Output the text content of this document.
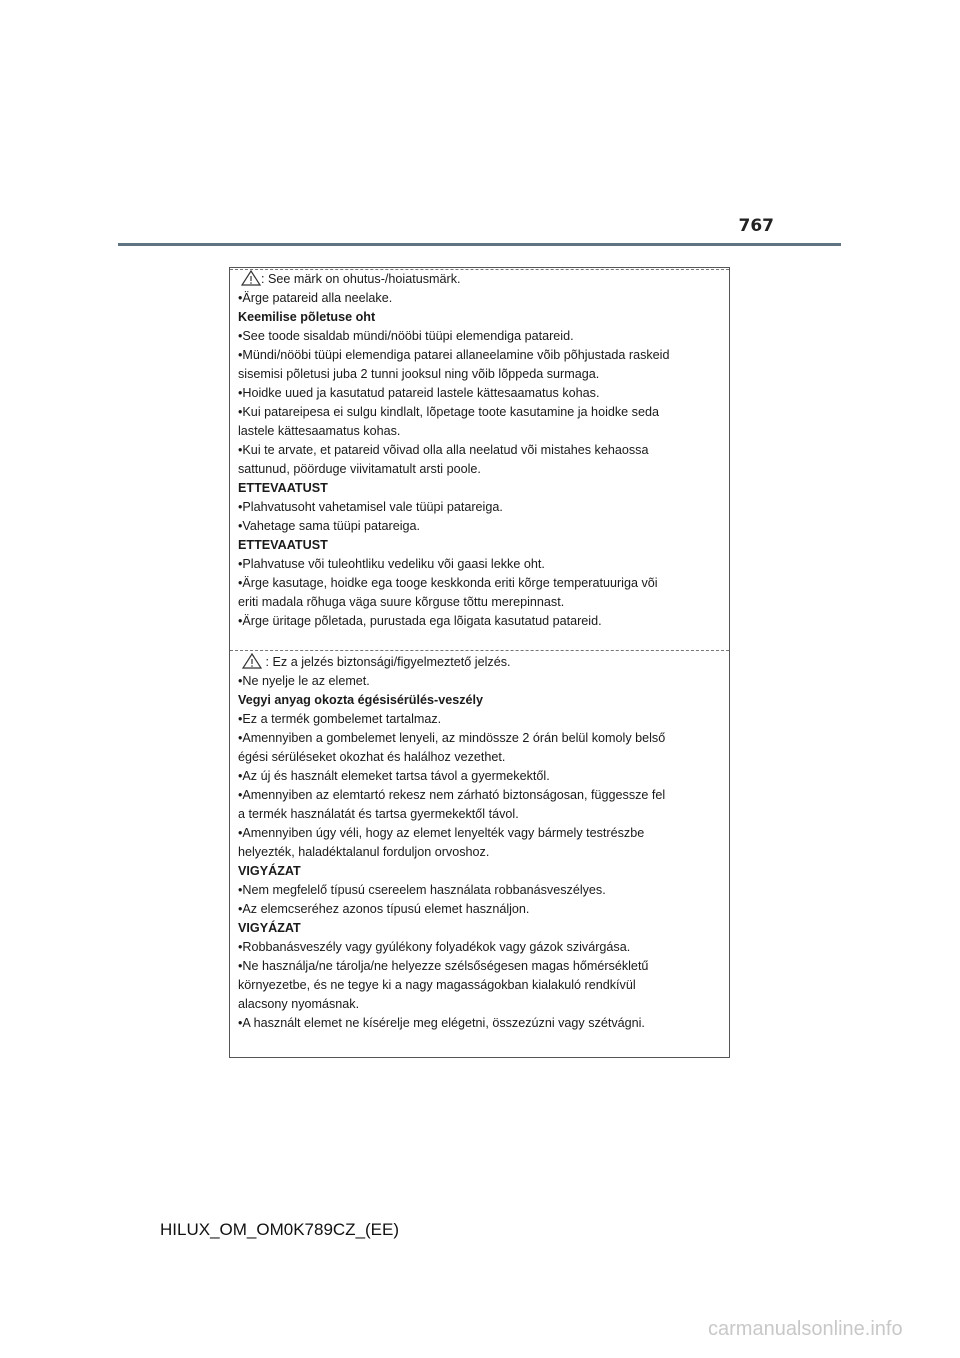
767
: See märk on ohutus-/hoiatusmärk.
•Ärge patareid alla neelake.
Keemilise põletuse oht
•See toode sisaldab mündi/nööbi tüüpi elemendiga patareid.
•Mündi/nööbi tüüpi elemendiga patarei allaneelamine võib põhjustada raskeid
sisemisi põletusi juba 2 tunni jooksul ning võib lõppeda surmaga.
•Hoidke uued ja kasutatud patareid lastele kättesaamatus kohas.
•Kui patareipesa ei sulgu kindlalt, lõpetage toote kasutamine ja hoidke seda
lastele kättesaamatus kohas.
•Kui te arvate, et patareid võivad olla alla neelatud või mistahes kehaossa
sattunud, pöörduge viivitamatult arsti poole.
ETTEVAATUST
•Plahvatusoht vahetamisel vale tüüpi patareiga.
•Vahetage sama tüüpi patareiga.
ETTEVAATUST
•Plahvatuse või tuleohtliku vedeliku või gaasi lekke oht.
•Ärge kasutage, hoidke ega tooge keskkonda eriti kõrge temperatuuriga või
eriti madala rõhuga väga suure kõrguse tõttu merepinnast.
•Ärge üritage põletada, purustada ega lõigata kasutatud patareid.
: Ez a jelzés biztonsági/figyelmeztető jelzés.
•Ne nyelje le az elemet.
Vegyi anyag okozta égésisérülés-veszély
•Ez a termék gombelemet tartalmaz.
•Amennyiben a gombelemet lenyeli, az mindössze 2 órán belül komoly belső
égési sérüléseket okozhat és halálhoz vezethet.
•Az új és használt elemeket tartsa távol a gyermekektől.
•Amennyiben az elemtartó rekesz nem zárható biztonságosan, függessze fel
a termék használatát és tartsa gyermekektől távol.
•Amennyiben úgy véli, hogy az elemet lenyelték vagy bármely testrészbe
helyezték, haladéktalanul forduljon orvoshoz.
VIGYÁZAT
•Nem megfelelő típusú csereelem használata robbanásveszélyes.
•Az elemcseréhez azonos típusú elemet használjon.
VIGYÁZAT
•Robbanásveszély vagy gyúlékony folyadékok vagy gázok szivárgása.
•Ne használja/ne tárolja/ne helyezze szélsőségesen magas hőmérsékletű
környezetbe, és ne tegye ki a nagy magasságokban kialakuló rendkívül
alacsony nyomásnak.
•A használt elemet ne kísérelje meg elégetni, összezúzni vagy szétvágni.
HILUX_OM_OM0K789CZ_(EE)
carmanualsonline.info
